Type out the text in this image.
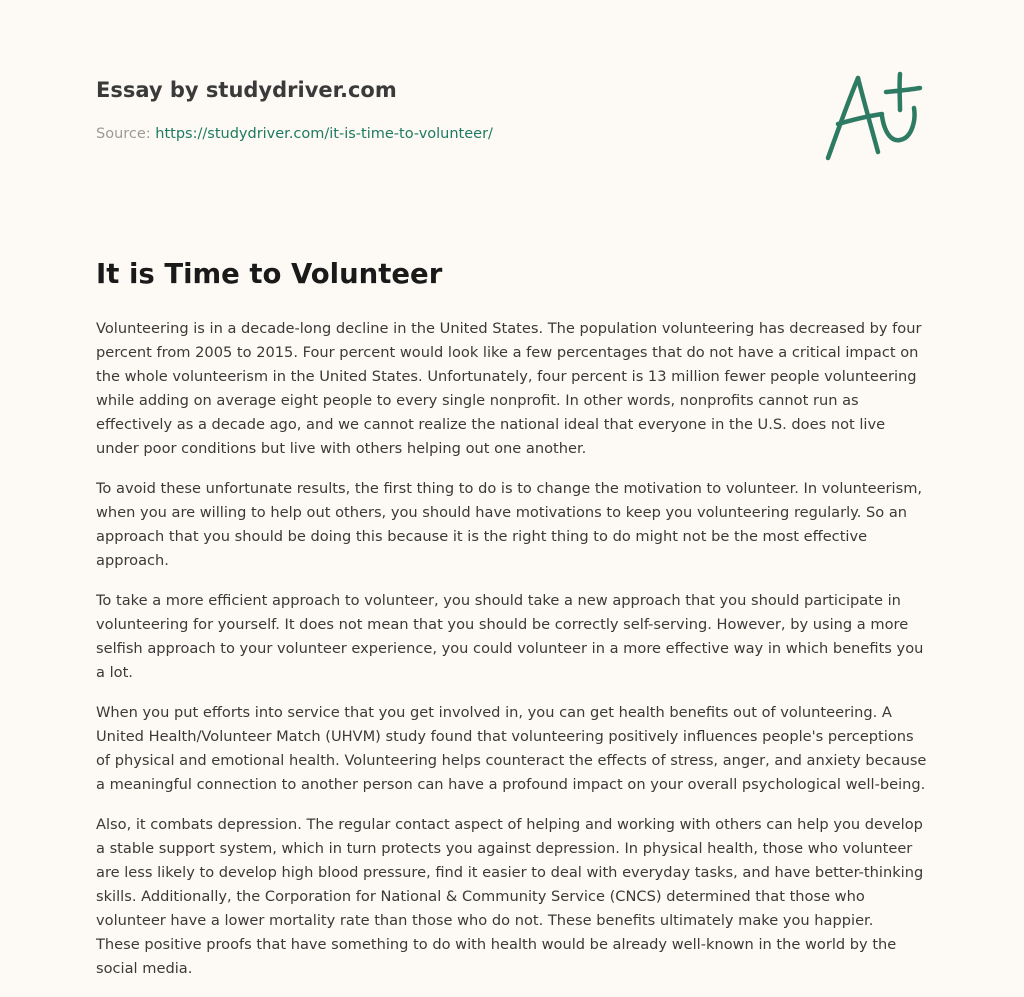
Essay by studydriver.com
Source: https://studydriver.com/it-is-time-to-volunteer/
It is Time to Volunteer

Volunteering is in a decade-long decline in the United States. The population volunteering has decreased by four percent from 2005 to 2015. Four percent would look like a few percentages that do not have a critical impact on the whole volunteerism in the United States. Unfortunately, four percent is 13 million fewer people volunteering while adding on average eight people to every single nonprofit. In other words, nonprofits cannot run as effectively as a decade ago, and we cannot realize the national ideal that everyone in the U.S. does not live under poor conditions but live with others helping out one another.

To avoid these unfortunate results, the first thing to do is to change the motivation to volunteer. In volunteerism, when you are willing to help out others, you should have motivations to keep you volunteering regularly. So an approach that you should be doing this because it is the right thing to do might not be the most effective approach.

To take a more efficient approach to volunteer, you should take a new approach that you should participate in volunteering for yourself. It does not mean that you should be correctly self-serving. However, by using a more selfish approach to your volunteer experience, you could volunteer in a more effective way in which benefits you a lot.

When you put efforts into service that you get involved in, you can get health benefits out of volunteering. A United Health/Volunteer Match (UHVM) study found that volunteering positively influences people's perceptions of physical and emotional health. Volunteering helps counteract the effects of stress, anger, and anxiety because a meaningful connection to another person can have a profound impact on your overall psychological well-being.

Also, it combats depression. The regular contact aspect of helping and working with others can help you develop a stable support system, which in turn protects you against depression. In physical health, those who volunteer are less likely to develop high blood pressure, find it easier to deal with everyday tasks, and have better-thinking skills. Additionally, the Corporation for National & Community Service (CNCS) determined that those who volunteer have a lower mortality rate than those who do not. These benefits ultimately make you happier.
These positive proofs that have something to do with health would be already well-known in the world by the social media.
